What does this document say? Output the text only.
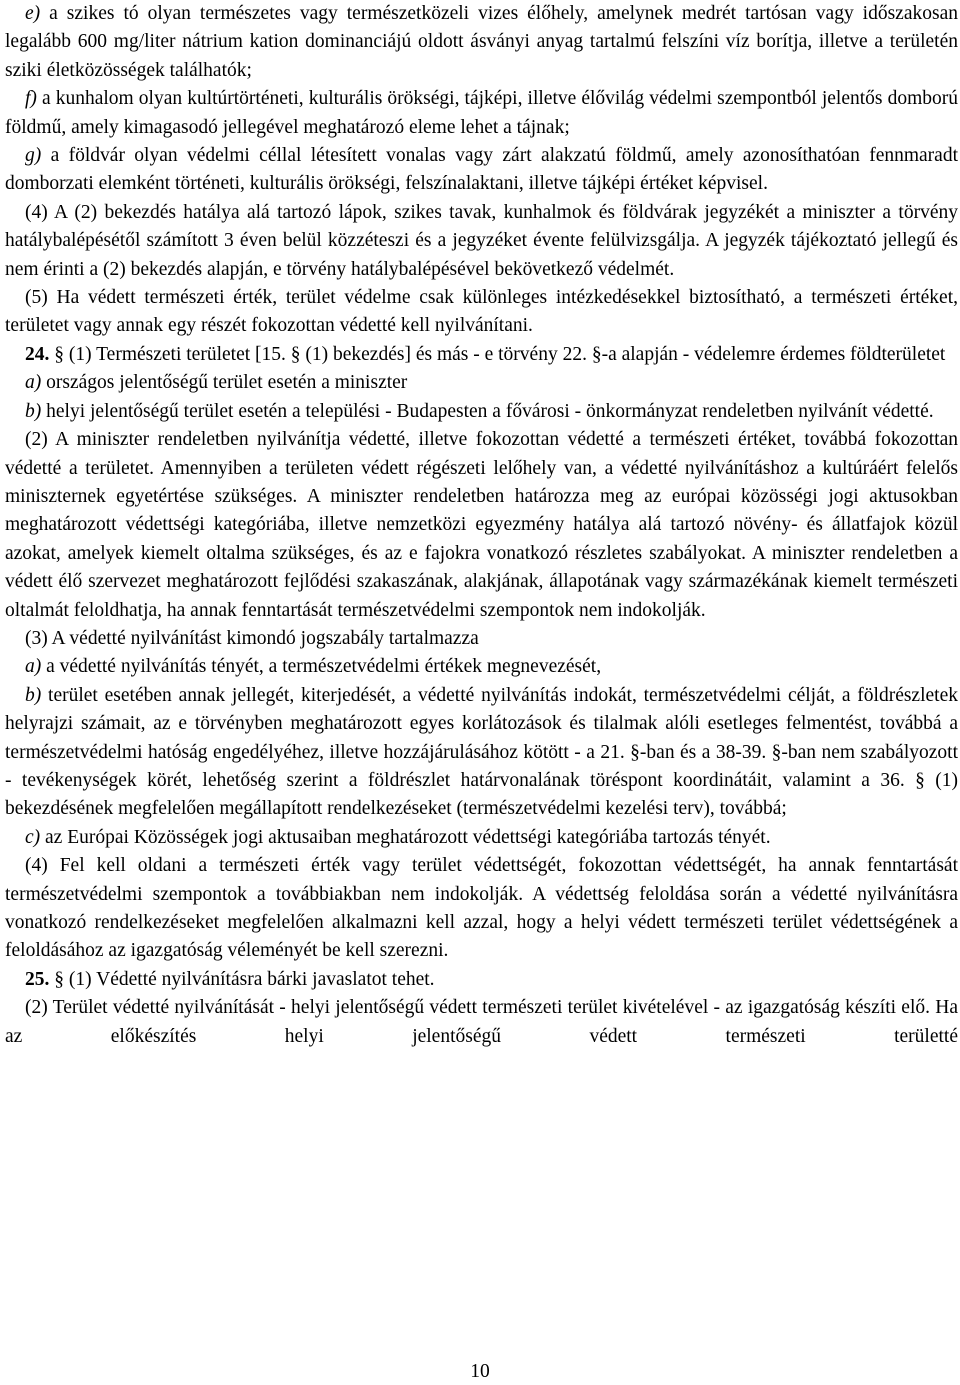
e) a szikes tó olyan természetes vagy természetközeli vizes élőhely, amelynek medrét tartósan vagy időszakosan legalább 600 mg/liter nátrium kation dominanciájú oldott ásványi anyag tartalmú felszíni víz borítja, illetve a területén sziki életközösségek találhatók;

f) a kunhalom olyan kultúrtörténeti, kulturális örökségi, tájképi, illetve élővilág védelmi szempontból jelentős domború földmű, amely kimagasodó jellegével meghatározó eleme lehet a tájnak;

g) a földvár olyan védelmi céllal létesített vonalas vagy zárt alakzatú földmű, amely azonosíthatóan fennmaradt domborzati elemként történeti, kulturális örökségi, felszínalaktani, illetve tájképi értéket képvisel.

(4) A (2) bekezdés hatálya alá tartozó lápok, szikes tavak, kunhalmok és földvárak jegyzékét a miniszter a törvény hatálybalépésétől számított 3 éven belül közzéteszi és a jegyzéket évente felülvizsgálja. A jegyzék tájékoztató jellegű és nem érinti a (2) bekezdés alapján, e törvény hatálybalépésével bekövetkező védelmét.

(5) Ha védett természeti érték, terület védelme csak különleges intézkedésekkel biztosítható, a természeti értéket, területet vagy annak egy részét fokozottan védetté kell nyilvánítani.

24. § (1) Természeti területet [15. § (1) bekezdés] és más - e törvény 22. §-a alapján - védelemre érdemes földterületet

a) országos jelentőségű terület esetén a miniszter

b) helyi jelentőségű terület esetén a települési - Budapesten a fővárosi - önkormányzat rendeletben nyilvánít védetté.

(2) A miniszter rendeletben nyilvánítja védetté, illetve fokozottan védetté a természeti értéket, továbbá fokozottan védetté a területet. Amennyiben a területen védett régészeti lelőhely van, a védetté nyilvánításhoz a kultúráért felelős miniszternek egyetértése szükséges. A miniszter rendeletben határozza meg az európai közösségi jogi aktusokban meghatározott védettségi kategóriába, illetve nemzetközi egyezmény hatálya alá tartozó növény- és állatfajok közül azokat, amelyek kiemelt oltalma szükséges, és az e fajokra vonatkozó részletes szabályokat. A miniszter rendeletben a védett élő szervezet meghatározott fejlődési szakaszának, alakjának, állapotának vagy származékának kiemelt természeti oltalmát feloldhatja, ha annak fenntartását természetvédelmi szempontok nem indokolják.

(3) A védetté nyilvánítást kimondó jogszabály tartalmazza

a) a védetté nyilvánítás tényét, a természetvédelmi értékek megnevezését,

b) terület esetében annak jellegét, kiterjedését, a védetté nyilvánítás indokát, természetvédelmi célját, a földrészletek helyrajzi számait, az e törvényben meghatározott egyes korlátozások és tilalmak alóli esetleges felmentést, továbbá a természetvédelmi hatóság engedélyéhez, illetve hozzájárulásához kötött - a 21. §-ban és a 38-39. §-ban nem szabályozott - tevékenységek körét, lehetőség szerint a földrészlet határvonalának töréspont koordinátáit, valamint a 36. § (1) bekezdésének megfelelően megállapított rendelkezéseket (természetvédelmi kezelési terv), továbbá;

c) az Európai Közösségek jogi aktusaiban meghatározott védettségi kategóriába tartozás tényét.

(4) Fel kell oldani a természeti érték vagy terület védettségét, fokozottan védettségét, ha annak fenntartását természetvédelmi szempontok a továbbiakban nem indokolják. A védettség feloldása során a védetté nyilvánításra vonatkozó rendelkezéseket megfelelően alkalmazni kell azzal, hogy a helyi védett természeti terület védettségének a feloldásához az igazgatóság véleményét be kell szerezni.

25. § (1) Védetté nyilvánításra bárki javaslatot tehet.

(2) Terület védetté nyilvánítását - helyi jelentőségű védett természeti terület kivételével - az igazgatóság készíti elő. Ha az előkészítés helyi jelentőségű védett természeti területté

10
